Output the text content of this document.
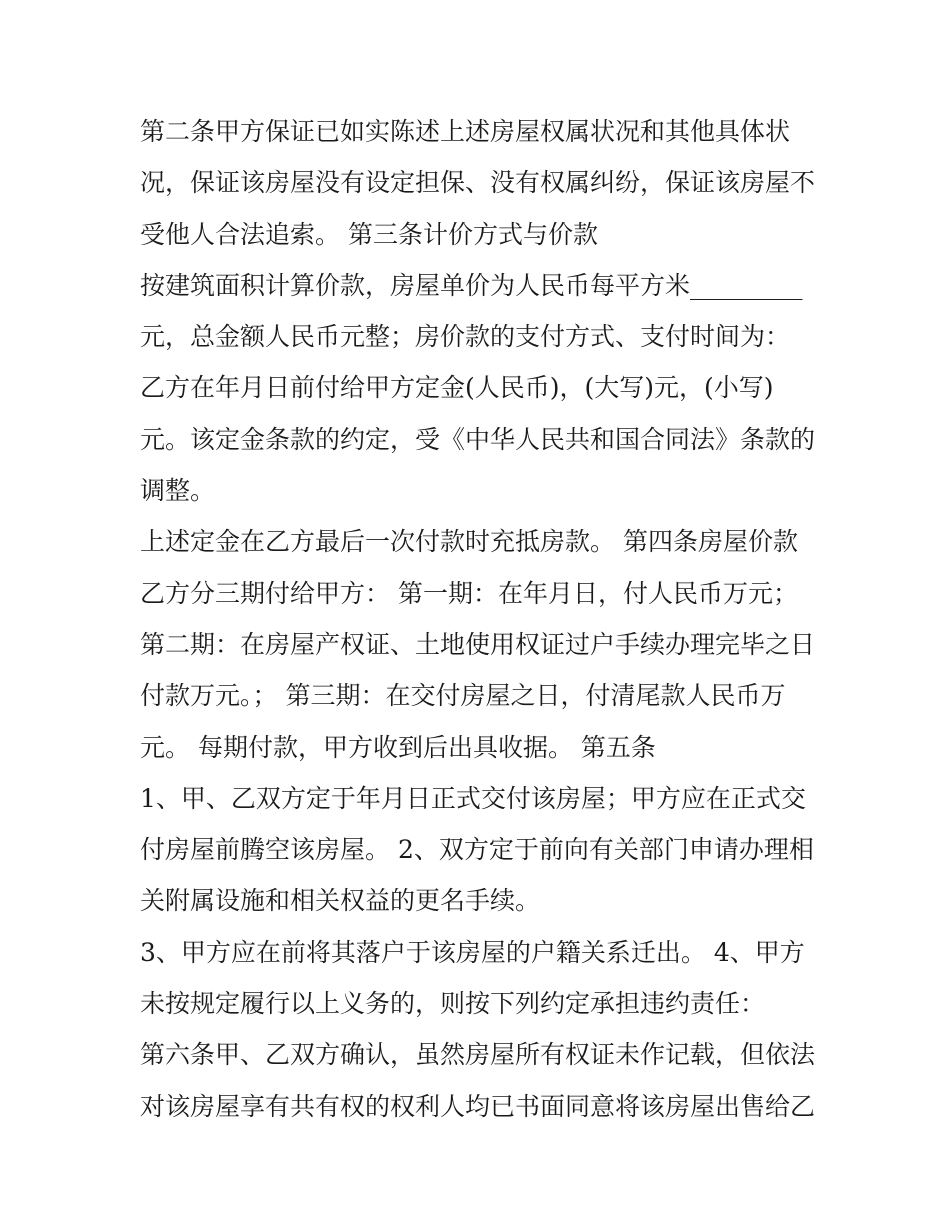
第二条甲方保证已如实陈述上述房屋权属状况和其他具体状
况，保证该房屋没有设定担保、没有权属纠纷，保证该房屋不
受他人合法追索。 第三条计价方式与价款
按建筑面积计算价款，房屋单价为人民币每平方米_________
元，总金额人民币元整；房价款的支付方式、支付时间为：
乙方在年月日前付给甲方定金(人民币)，(大写)元，(小写)
元。该定金条款的约定，受《中华人民共和国合同法》条款的
调整。
上述定金在乙方最后一次付款时充抵房款。 第四条房屋价款
乙方分三期付给甲方： 第一期：在年月日，付人民币万元；
第二期：在房屋产权证、土地使用权证过户手续办理完毕之日
付款万元。； 第三期：在交付房屋之日，付清尾款人民币万
元。 每期付款，甲方收到后出具收据。 第五条
1、甲、乙双方定于年月日正式交付该房屋；甲方应在正式交
付房屋前腾空该房屋。 2、双方定于前向有关部门申请办理相
关附属设施和相关权益的更名手续。
3、甲方应在前将其落户于该房屋的户籍关系迁出。 4、甲方
未按规定履行以上义务的，则按下列约定承担违约责任：
第六条甲、乙双方确认，虽然房屋所有权证未作记载，但依法
对该房屋享有共有权的权利人均已书面同意将该房屋出售给乙
